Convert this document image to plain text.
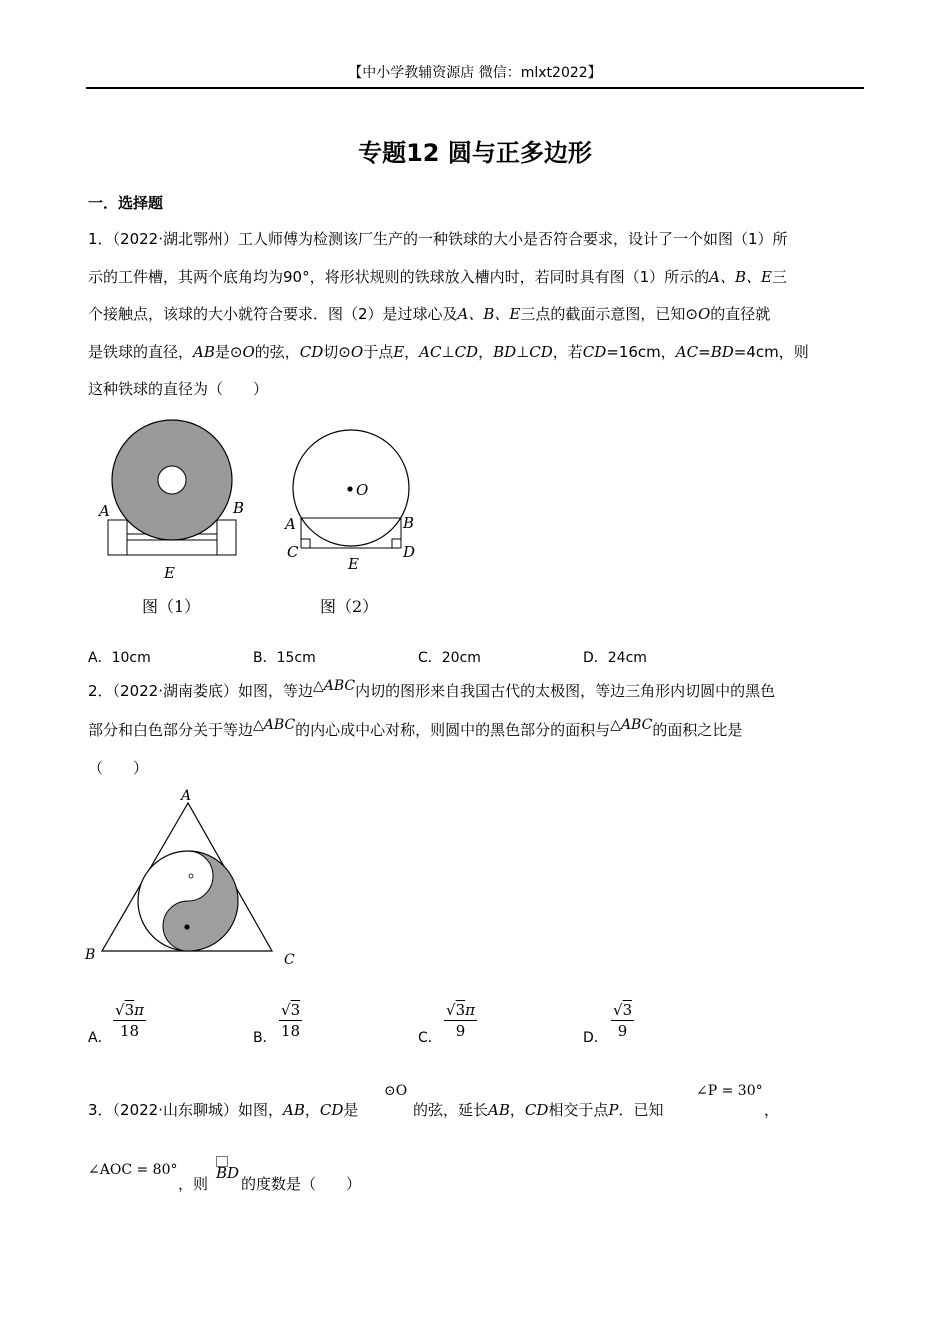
【中小学教辅资源店 微信：mlxt2022】
专题12 圆与正多边形
一．选择题
1．（2022·湖北鄂州）工人师傅为检测该厂生产的一种铁球的大小是否符合要求，设计了一个如图（1）所
示的工件槽，其两个底角均为90°，将形状规则的铁球放入槽内时，若同时具有图（1）所示的A、B、E三
个接触点，该球的大小就符合要求．图（2）是过球心及A、B、E三点的截面示意图，已知⊙O的直径就
是铁球的直径，AB是⊙O的弦，CD切⊙O于点E，AC⊥CD，BD⊥CD，若CD=16cm，AC=BD=4cm，则
这种铁球的直径为（　　）
A	B
E
图（1）
O
A	B
C	D
E
图（2）
A．10cm	B．15cm	C．20cm	D．24cm
2．（2022·湖南娄底）如图，等边△ABC内切的图形来自我国古代的太极图，等边三角形内切圆中的黑色
部分和白色部分关于等边△ABC的内心成中心对称，则圆中的黑色部分的面积与△ABC的面积之比是
（　　）
A
B	C
A． $\frac{√3\pi}{18}$	B． $\frac{√3}{18}$	C． $\frac{√3\pi}{9}$	D． $\frac{√3}{9}$
3．（2022·山东聊城）如图，AB，CD是
⊙O
的弦，延长AB，CD相交于点P．已知
∠P = 30°
，
∠AOC = 80°
，则
BD
的度数是（　　）
